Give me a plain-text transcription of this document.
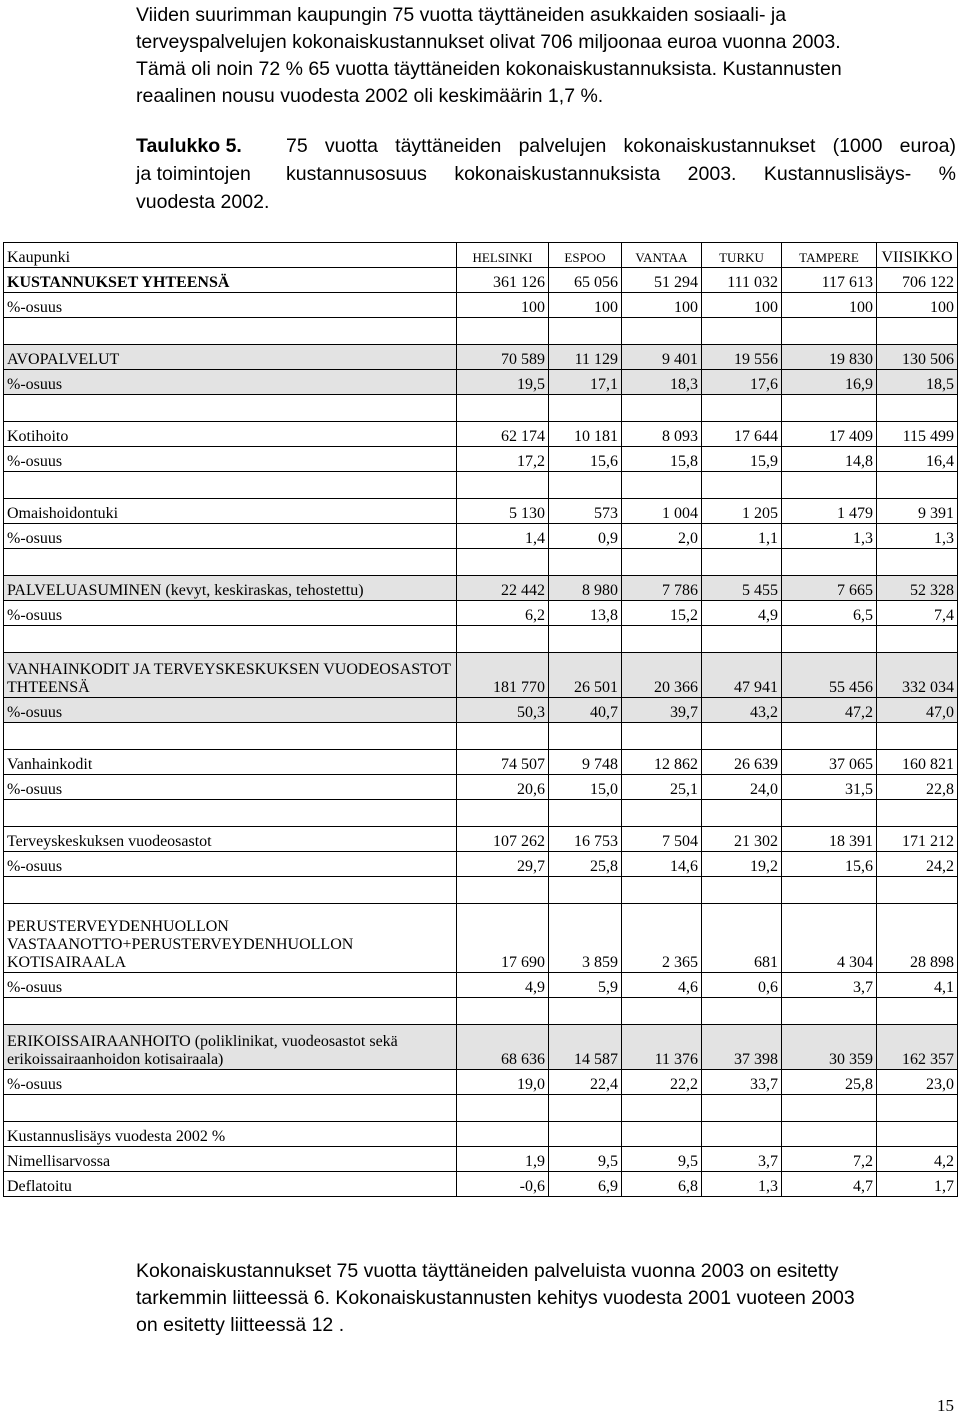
Viiden suurimman kaupungin 75 vuotta täyttäneiden asukkaiden sosiaali- ja

terveyspalvelujen kokonaiskustannukset olivat 706 miljoonaa euroa vuonna 2003.

Tämä oli noin 72 % 65 vuotta täyttäneiden kokonaiskustannuksista. Kustannusten

reaalinen nousu vuodesta 2002 oli keskimäärin 1,7 %.

Taulukko 5.	75 vuotta täyttäneiden palvelujen kokonaiskustannukset (1000 euroa)
ja toimintojen	kustannusosuus kokonaiskustannuksista 2003. Kustannuslisäys- %
vuodesta 2002.
Kaupunki	HELSINKI	ESPOO	VANTAA	TURKU	TAMPERE	VIISIKKO
KUSTANNUKSET YHTEENSÄ	361 126	65 056	51 294	111 032	117 613	706 122
%-osuus	100	100	100	100	100	100

AVOPALVELUT	70 589	11 129	9 401	19 556	19 830	130 506
%-osuus	19,5	17,1	18,3	17,6	16,9	18,5

Kotihoito	62 174	10 181	8 093	17 644	17 409	115 499
%-osuus	17,2	15,6	15,8	15,9	14,8	16,4

Omaishoidontuki	5 130	573	1 004	1 205	1 479	9 391
%-osuus	1,4	0,9	2,0	1,1	1,3	1,3

PALVELUASUMINEN (kevyt, keskiraskas, tehostettu)	22 442	8 980	7 786	5 455	7 665	52 328
%-osuus	6,2	13,8	15,2	4,9	6,5	7,4

VANHAINKODIT JA TERVEYSKESKUKSEN VUODEOSASTOT THTEENSÄ	181 770	26 501	20 366	47 941	55 456	332 034
%-osuus	50,3	40,7	39,7	43,2	47,2	47,0

Vanhainkodit	74 507	9 748	12 862	26 639	37 065	160 821
%-osuus	20,6	15,0	25,1	24,0	31,5	22,8

Terveyskeskuksen vuodeosastot	107 262	16 753	7 504	21 302	18 391	171 212
%-osuus	29,7	25,8	14,6	19,2	15,6	24,2

PERUSTERVEYDENHUOLLON VASTAANOTTO+PERUSTERVEYDENHUOLLON KOTISAIRAALA	17 690	3 859	2 365	681	4 304	28 898
%-osuus	4,9	5,9	4,6	0,6	3,7	4,1

ERIKOISSAIRAANHOITO (poliklinikat, vuodeosastot sekä erikoissairaanhoidon kotisairaala)	68 636	14 587	11 376	37 398	30 359	162 357
%-osuus	19,0	22,4	22,2	33,7	25,8	23,0

Kustannuslisäys vuodesta 2002 %						
Nimellisarvossa	1,9	9,5	9,5	3,7	7,2	4,2
Deflatoitu	-0,6	6,9	6,8	1,3	4,7	1,7

Kokonaiskustannukset 75 vuotta täyttäneiden palveluista vuonna 2003 on esitetty

tarkemmin liitteessä 6. Kokonaiskustannusten kehitys vuodesta 2001 vuoteen 2003

on esitetty liitteessä 12 .

15
